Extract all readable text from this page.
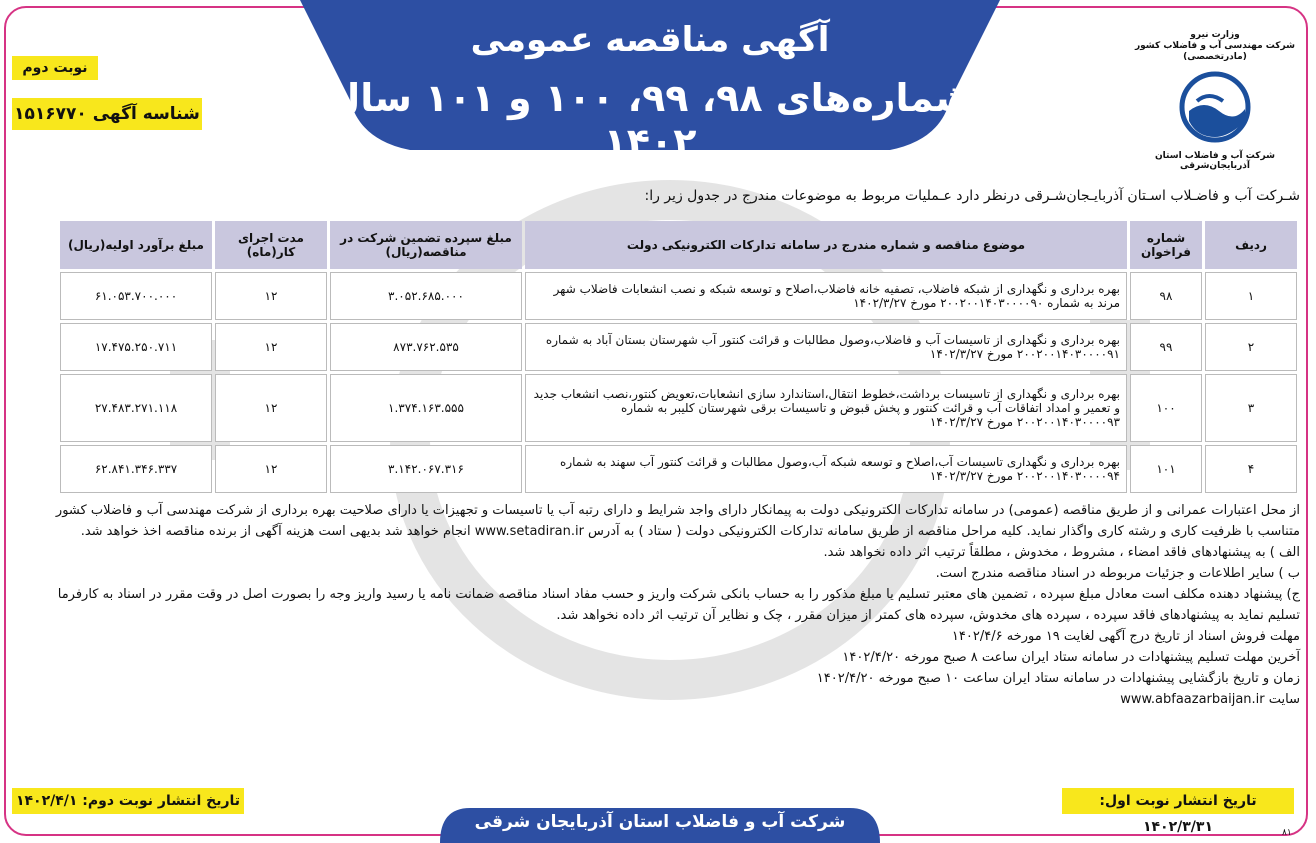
آگهی مناقصه عمومی
شماره‌های ۹۸، ۹۹، ۱۰۰ و ۱۰۱ سال ۱۴۰۲
وزارت نیرو
شرکت مهندسی آب و فاضلاب کشور
(مادرتخصصی)
شرکت آب و فاضلاب استان آذربایجان‌شرقی
نوبت دوم
شناسه آگهی ۱۵۱۶۷۷۰
شـرکت آب و فاضـلاب اسـتان آذربایـجان‌شـرقی درنظر دارد عـملیات مربوط به موضوعات مندرج در جدول زیر را:
ردیف	شماره فراخوان	موضوع مناقصه و شماره مندرج در سامانه تدارکات الکترونیکی دولت	مبلغ سپرده تضمین شرکت در مناقصه(ریال)	مدت اجرای کار(ماه)	مبلغ برآورد اولیه(ریال)
۱	۹۸	بهره برداری و نگهداری از شبکه فاضلاب، تصفیه خانه فاضلاب،اصلاح و توسعه شبکه و نصب انشعابات فاضلاب شهر مرند به شماره ۲۰۰۲۰۰۱۴۰۳۰۰۰۰۹۰ مورخ ۱۴۰۲/۳/۲۷	۳.۰۵۲.۶۸۵.۰۰۰	۱۲	۶۱.۰۵۳.۷۰۰.۰۰۰
۲	۹۹	بهره برداری و نگهداری از تاسیسات آب و فاضلاب،وصول مطالبات و قرائت کنتور آب شهرستان بستان آباد به شماره ۲۰۰۲۰۰۱۴۰۳۰۰۰۰۹۱ مورخ ۱۴۰۲/۳/۲۷	۸۷۳.۷۶۲.۵۳۵	۱۲	۱۷.۴۷۵.۲۵۰.۷۱۱
۳	۱۰۰	بهره برداری و نگهداری از تاسیسات برداشت،خطوط انتقال،استاندارد سازی انشعابات،تعویض کنتور،نصب انشعاب جدید و تعمیر و امداد اتفاقات آب و قرائت کنتور و پخش قبوض و تاسیسات برقی شهرستان کلیبر به شماره ۲۰۰۲۰۰۱۴۰۳۰۰۰۰۹۳ مورخ ۱۴۰۲/۳/۲۷	۱.۳۷۴.۱۶۳.۵۵۵	۱۲	۲۷.۴۸۳.۲۷۱.۱۱۸
۴	۱۰۱	بهره برداری و نگهداری تاسیسات آب،اصلاح و توسعه شبکه آب،وصول مطالبات و قرائت کنتور آب سهند به شماره ۲۰۰۲۰۰۱۴۰۳۰۰۰۰۹۴ مورخ ۱۴۰۲/۳/۲۷	۳.۱۴۲.۰۶۷.۳۱۶	۱۲	۶۲.۸۴۱.۳۴۶.۳۳۷

از محل اعتبارات عمرانی و از طریق مناقصه (عمومی) در سامانه تدارکات الکترونیکی دولت به پیمانکار دارای واجد شرایط و دارای رتبه آب یا تاسیسات و تجهیزات یا دارای صلاحیت بهره برداری از شرکت مهندسی آب و فاضلاب کشور متناسب با ظرفیت کاری و رشته کاری واگذار نماید. کلیه مراحل مناقصه از طریق سامانه تدارکات الکترونیکی دولت ( ستاد ) به آدرس www.setadiran.ir انجام خواهد شد بدیهی است هزینه آگهی از برنده مناقصه اخذ خواهد شد.

الف ) به پیشنهادهای فاقد امضاء ، مشروط ، مخدوش ، مطلقاً ترتیب اثر داده نخواهد شد.

ب ) سایر اطلاعات و جزئیات مربوطه در اسناد مناقصه مندرج است.

ج) پیشنهاد دهنده مکلف است معادل مبلغ سپرده ، تضمین های معتبر تسلیم یا مبلغ مذکور را به حساب بانکی شرکت واریز و حسب مفاد اسناد مناقصه ضمانت نامه یا رسید واریز وجه را بصورت اصل در وقت مقرر در اسناد به کارفرما تسلیم نماید به پیشنهادهای فاقد سپرده ، سپرده های مخدوش، سپرده های کمتر از میزان مقرر ، چک و نظایر آن ترتیب اثر داده نخواهد شد.

مهلت فروش اسناد از تاریخ درج آگهی لغایت ۱۹ مورخه ۱۴۰۲/۴/۶

آخرین مهلت تسلیم پیشنهادات در سامانه ستاد ایران ساعت ۸ صبح مورخه ۱۴۰۲/۴/۲۰

زمان و تاریخ بازگشایی پیشنهادات در سامانه ستاد ایران ساعت ۱۰ صبح مورخه ۱۴۰۲/۴/۲۰

سایت www.abfaazarbaijan.ir

تاریخ انتشار نوبت دوم: ۱۴۰۲/۴/۱	تاریخ انتشار نوبت اول: ۱۴۰۲/۳/۳۱
شرکت آب و فاضلاب استان آذربایجان شرقی
۸۱
